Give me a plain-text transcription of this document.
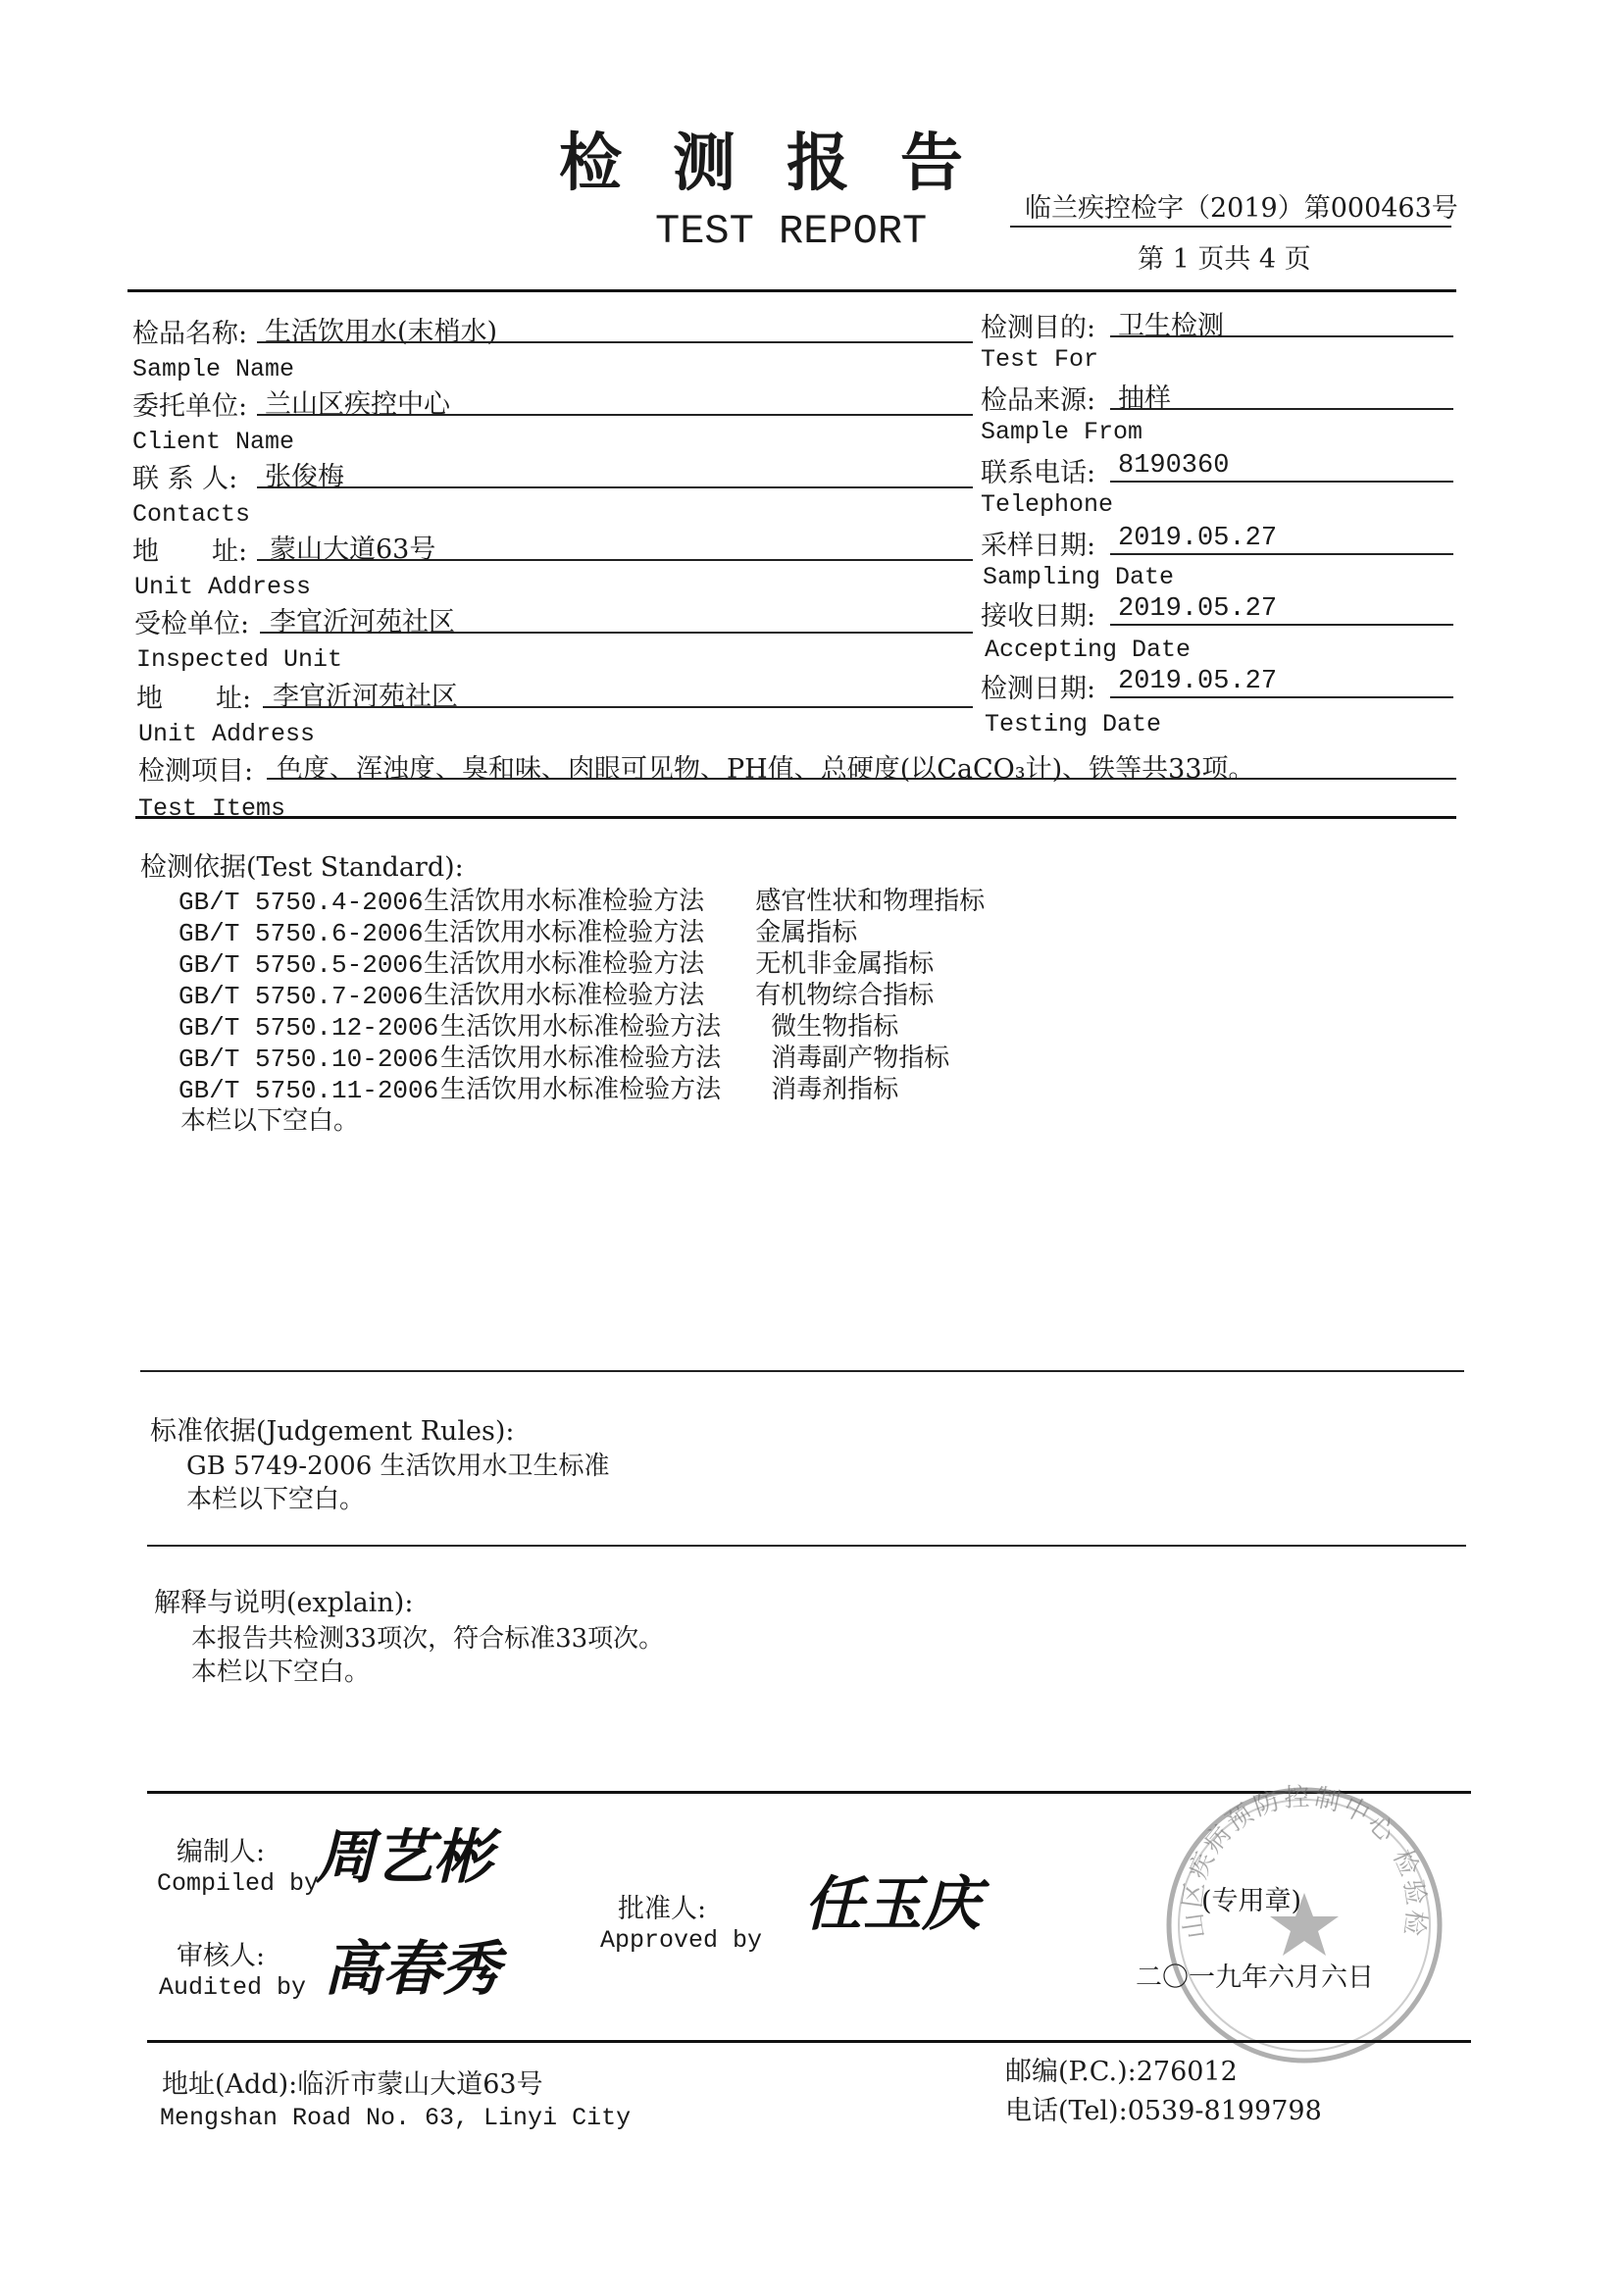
检测报告
TEST REPORT	临兰疾控检字（2019）第000463号
第 1 页共 4 页
检品名称: 生活饮用水(末梢水)
Sample Name
委托单位: 兰山区疾控中心
Client Name
联 系 人: 张俊梅
Contacts
地　　址: 蒙山大道63号
Unit Address
受检单位: 李官沂河苑社区
Inspected Unit
地　　址: 李官沂河苑社区
Unit Address
检测项目: 色度、浑浊度、臭和味、肉眼可见物、PH值、总硬度(以CaCO₃计)、铁等共33项。
Test Items
检测目的: 卫生检测
Test For
检品来源: 抽样
Sample From
联系电话: 8190360
Telephone
采样日期: 2019.05.27
Sampling Date
接收日期: 2019.05.27
Accepting Date
检测日期: 2019.05.27
Testing Date
检测依据(Test Standard):
GB/T 5750.4-2006 生活饮用水标准检验方法 感官性状和物理指标
GB/T 5750.6-2006 生活饮用水标准检验方法 金属指标
GB/T 5750.5-2006 生活饮用水标准检验方法 无机非金属指标
GB/T 5750.7-2006 生活饮用水标准检验方法 有机物综合指标
GB/T 5750.12-2006 生活饮用水标准检验方法 微生物指标
GB/T 5750.10-2006 生活饮用水标准检验方法 消毒副产物指标
GB/T 5750.11-2006 生活饮用水标准检验方法 消毒剂指标
本栏以下空白。
标准依据(Judgement Rules):
GB 5749-2006 生活饮用水卫生标准
本栏以下空白。
解释与说明(explain):
本报告共检测33项次，符合标准33项次。
本栏以下空白。
编制人:
Compiled by
周艺彬
审核人:
Audited by 高春秀
批准人:
Approved by
任玉庆	山区疾病预防控制中心 检验检
(专用章)
二〇一九年六月六日
地址(Add):临沂市蒙山大道63号
Mengshan Road No. 63, Linyi City
邮编(P.C.):276012
电话(Tel):0539-8199798
